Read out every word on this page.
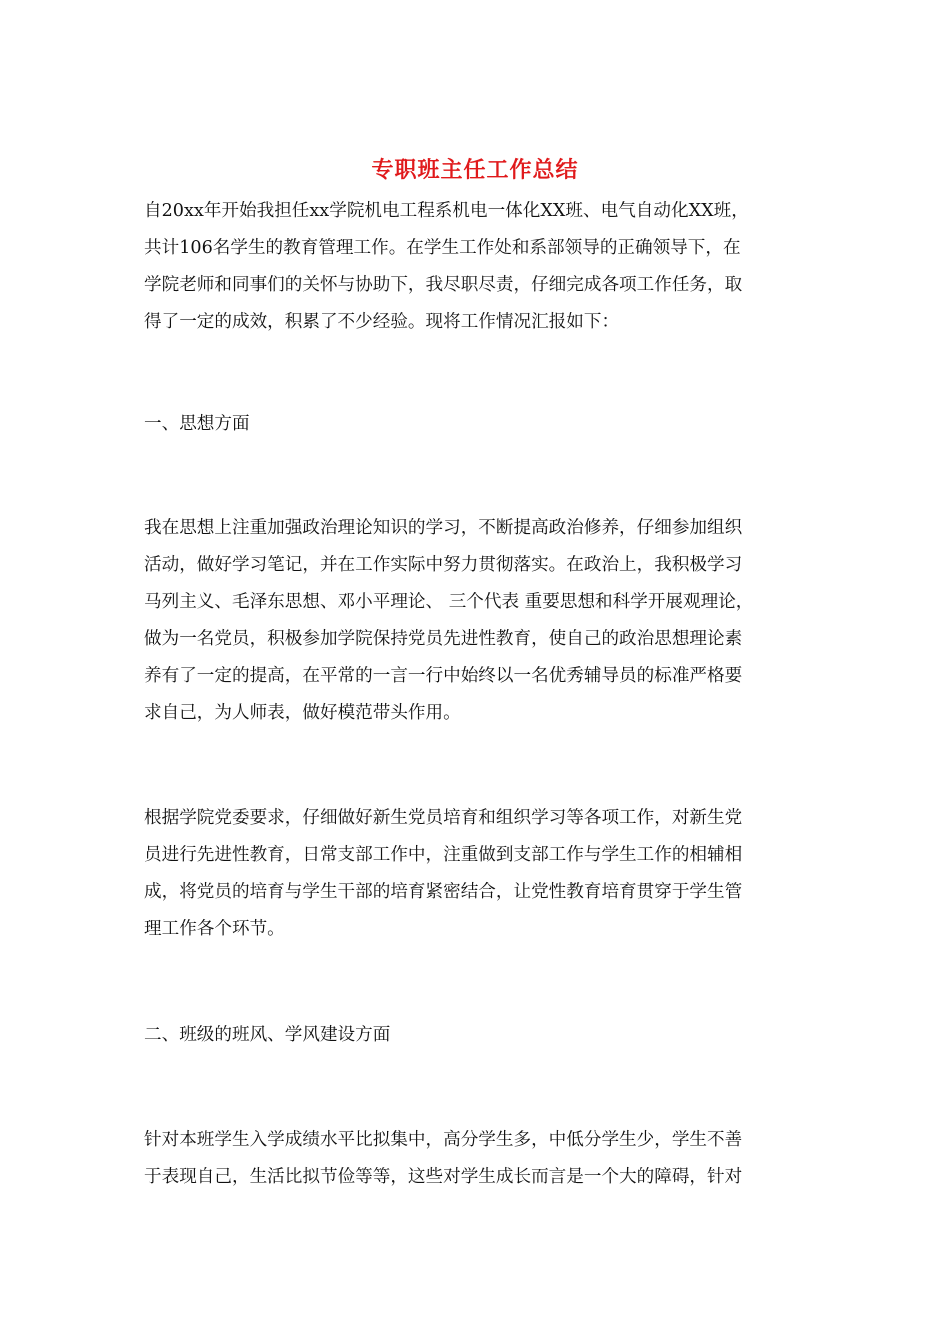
专职班主任工作总结
自20xx年开始我担任xx学院机电工程系机电一体化XX班、电气自动化XX班，
共计106名学生的教育管理工作。在学生工作处和系部领导的正确领导下，在
学院老师和同事们的关怀与协助下，我尽职尽责，仔细完成各项工作任务，取
得了一定的成效，积累了不少经验。现将工作情况汇报如下：
一、思想方面
我在思想上注重加强政治理论知识的学习，不断提高政治修养，仔细参加组织
活动，做好学习笔记，并在工作实际中努力贯彻落实。在政治上，我积极学习
马列主义、毛泽东思想、邓小平理论、 三个代表 重要思想和科学开展观理论，
做为一名党员，积极参加学院保持党员先进性教育，使自己的政治思想理论素
养有了一定的提高，在平常的一言一行中始终以一名优秀辅导员的标准严格要
求自己，为人师表，做好模范带头作用。
根据学院党委要求，仔细做好新生党员培育和组织学习等各项工作，对新生党
员进行先进性教育，日常支部工作中，注重做到支部工作与学生工作的相辅相
成，将党员的培育与学生干部的培育紧密结合，让党性教育培育贯穿于学生管
理工作各个环节。
二、班级的班风、学风建设方面
针对本班学生入学成绩水平比拟集中，高分学生多，中低分学生少，学生不善
于表现自己，生活比拟节俭等等，这些对学生成长而言是一个大的障碍，针对
